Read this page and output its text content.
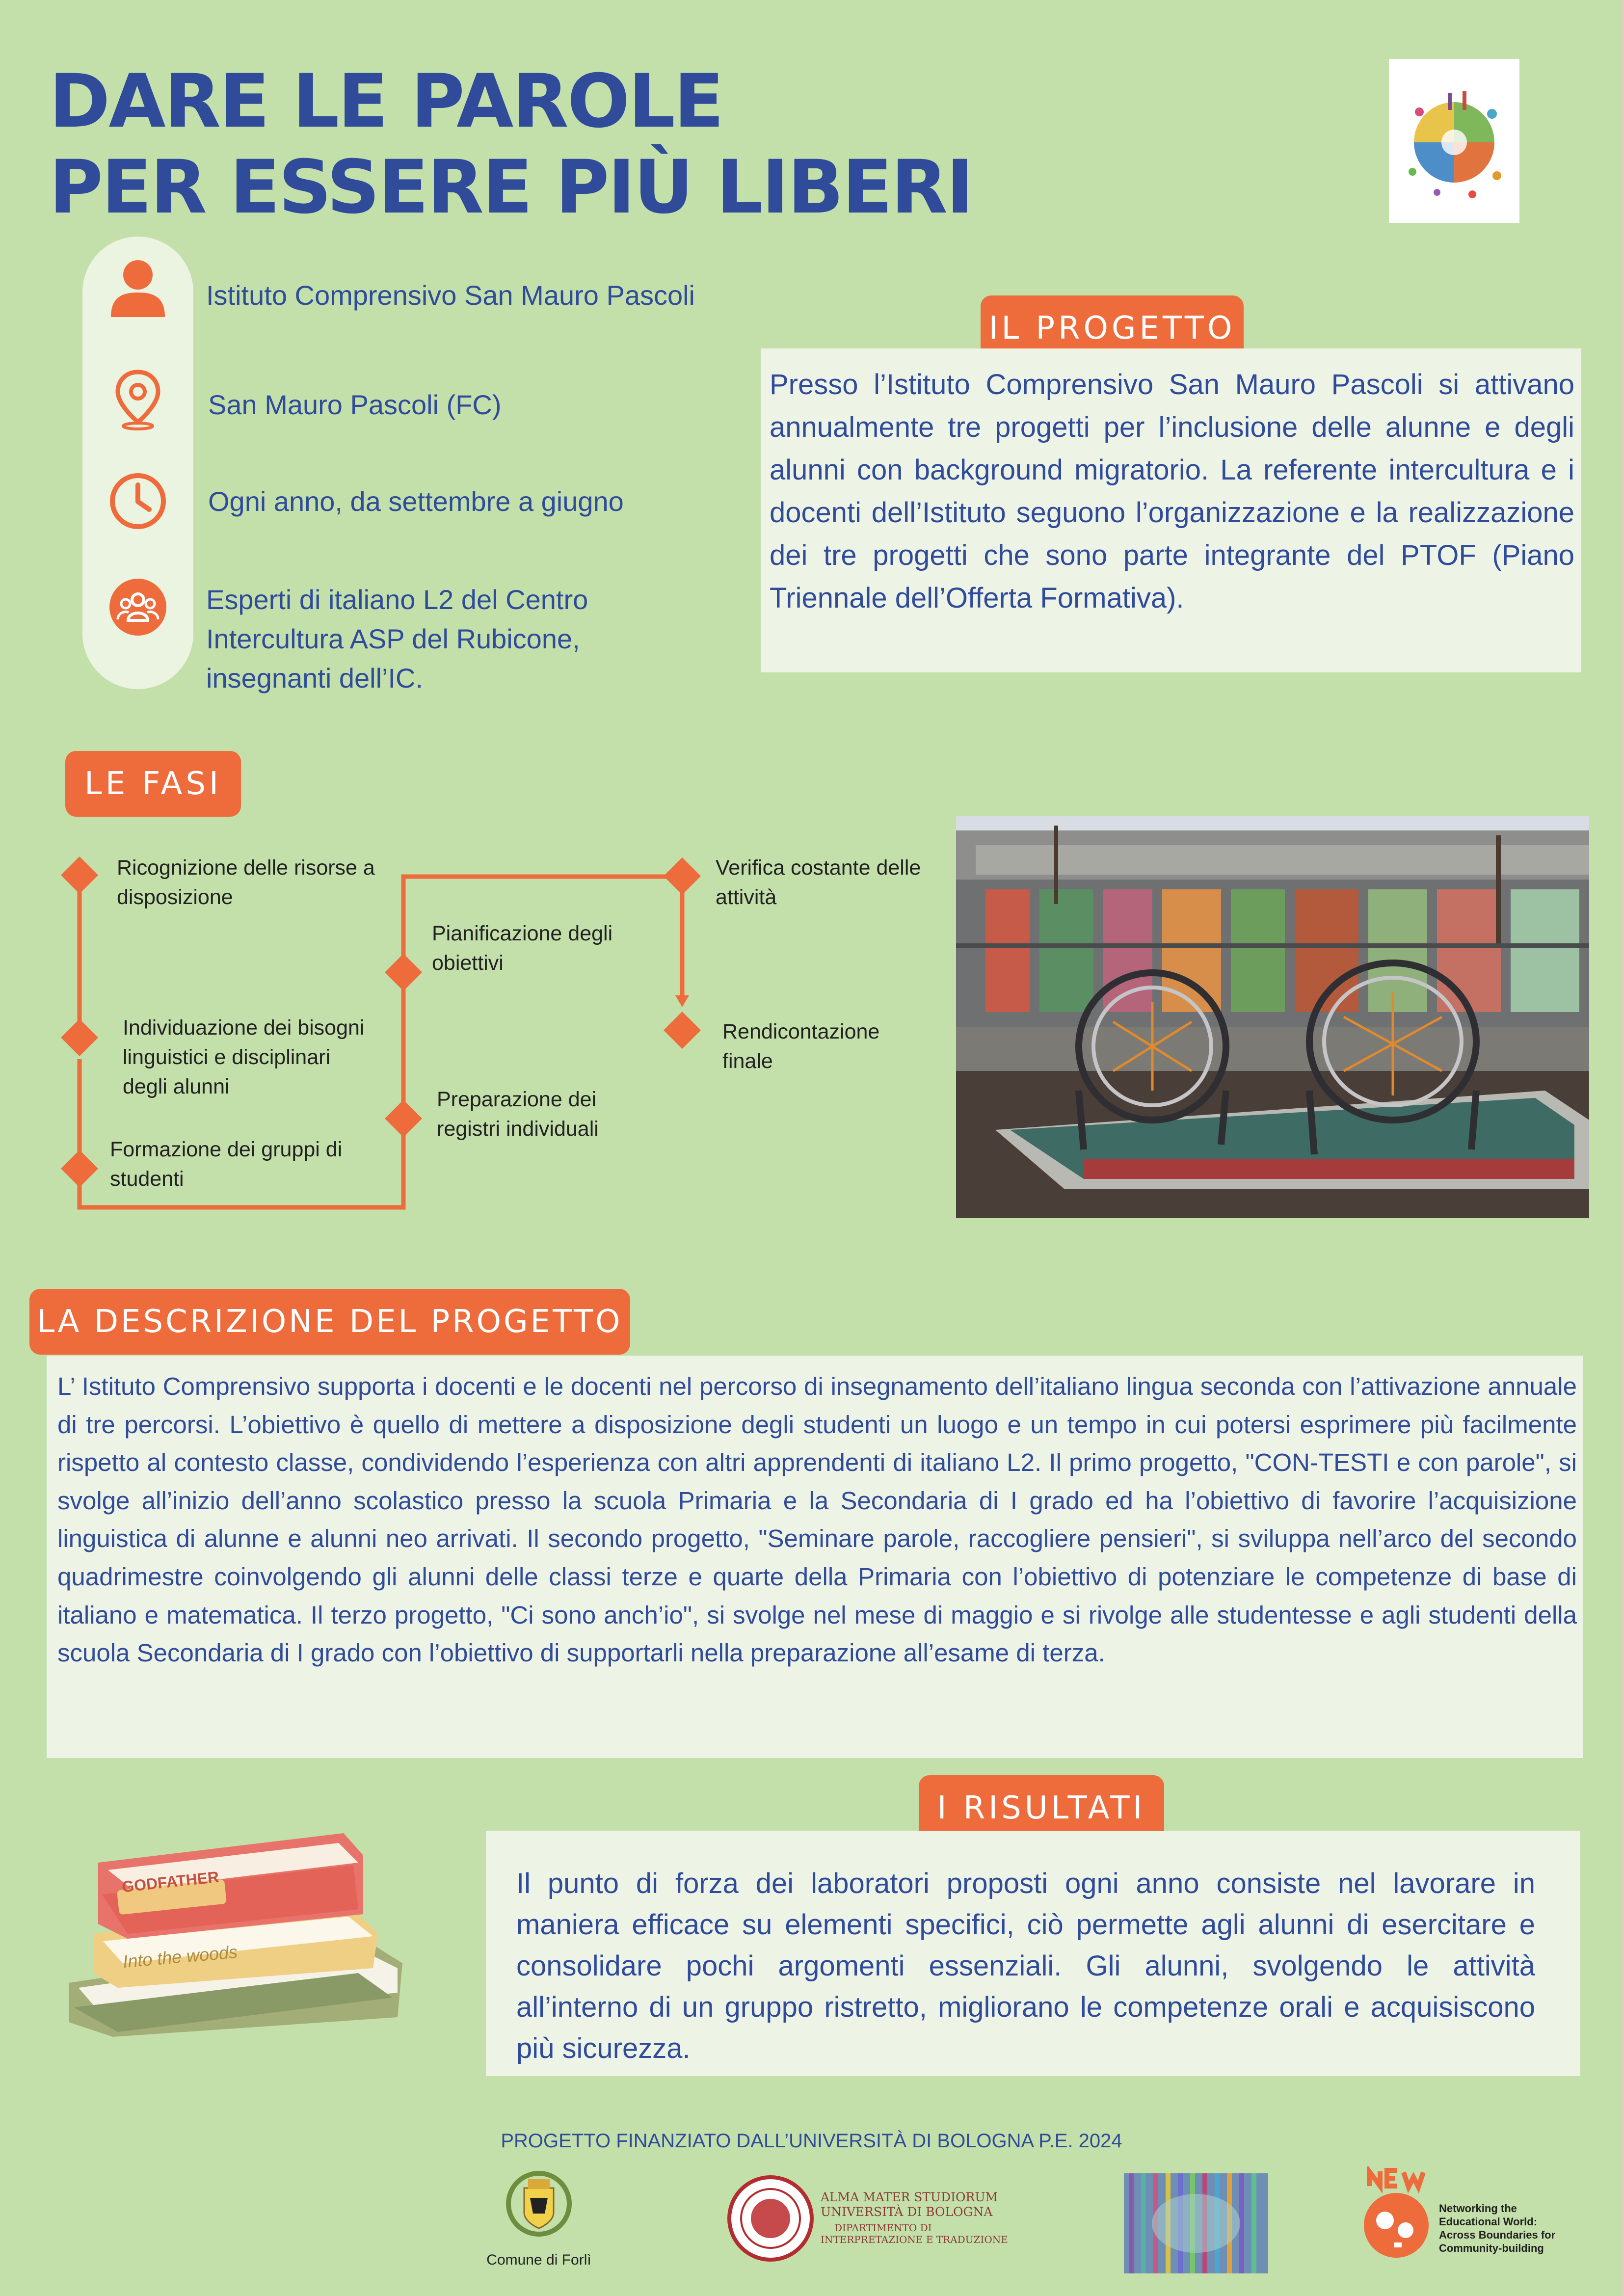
DARE LE PAROLE
PER ESSERE PIÙ LIBERI
Istituto Comprensivo San Mauro Pascoli
San Mauro Pascoli (FC)
Ogni anno, da settembre a giugno
Esperti di italiano L2 del Centro Intercultura ASP del Rubicone, insegnanti dell’IC.
IL PROGETTO
Presso l’Istituto Comprensivo San Mauro Pascoli si attivano annualmente tre progetti per l’inclusione delle alunne e degli alunni con background migratorio. La referente intercultura e i docenti dell’Istituto seguono l’organizzazione e la realizzazione dei tre progetti che sono parte integrante del PTOF (Piano Triennale dell’Offerta Formativa).
LE FASI
Ricognizione delle risorse a disposizione
Individuazione dei bisogni linguistici e disciplinari degli alunni
Formazione dei gruppi di studenti
Preparazione dei registri individuali
Pianificazione degli obiettivi
Verifica costante delle attività
Rendicontazione finale
LA DESCRIZIONE DEL PROGETTO
L’ Istituto Comprensivo supporta i docenti e le docenti nel percorso di insegnamento dell’italiano lingua seconda con l’attivazione annuale di tre percorsi. L’obiettivo è quello di mettere a disposizione degli studenti un luogo e un tempo in cui potersi esprimere più facilmente rispetto al contesto classe, condividendo l’esperienza con altri apprendenti di italiano L2. Il primo progetto, "CON-TESTI e con parole", si svolge all’inizio dell’anno scolastico presso la scuola Primaria e la Secondaria di I grado ed ha l’obiettivo di favorire l’acquisizione linguistica di alunne e alunni neo arrivati. Il secondo progetto, "Seminare parole, raccogliere pensieri", si sviluppa nell’arco del secondo quadrimestre coinvolgendo gli alunni delle classi terze e quarte della Primaria con l’obiettivo di potenziare le competenze di base di italiano e matematica. Il terzo progetto, "Ci sono anch’io", si svolge nel mese di maggio e si rivolge alle studentesse e agli studenti della scuola Secondaria di I grado con l’obiettivo di supportarli nella preparazione all’esame di terza.
I RISULTATI
Il punto di forza dei laboratori proposti ogni anno consiste nel lavorare in maniera efficace su elementi specifici, ciò permette agli alunni di esercitare e consolidare pochi argomenti essenziali. Gli alunni, svolgendo le attività all’interno di un gruppo ristretto, migliorano le competenze orali e acquisiscono più sicurezza.
GODFATHER
Into the woods
PROGETTO FINANZIATO DALL’UNIVERSITÀ DI BOLOGNA P.E. 2024
Comune di Forlì
ALMA MATER STUDIORUM
UNIVERSITÀ DI BOLOGNA
DIPARTIMENTO DI
INTERPRETAZIONE E TRADUZIONE
Networking the
Educational World:
Across Boundaries for
Community-building
